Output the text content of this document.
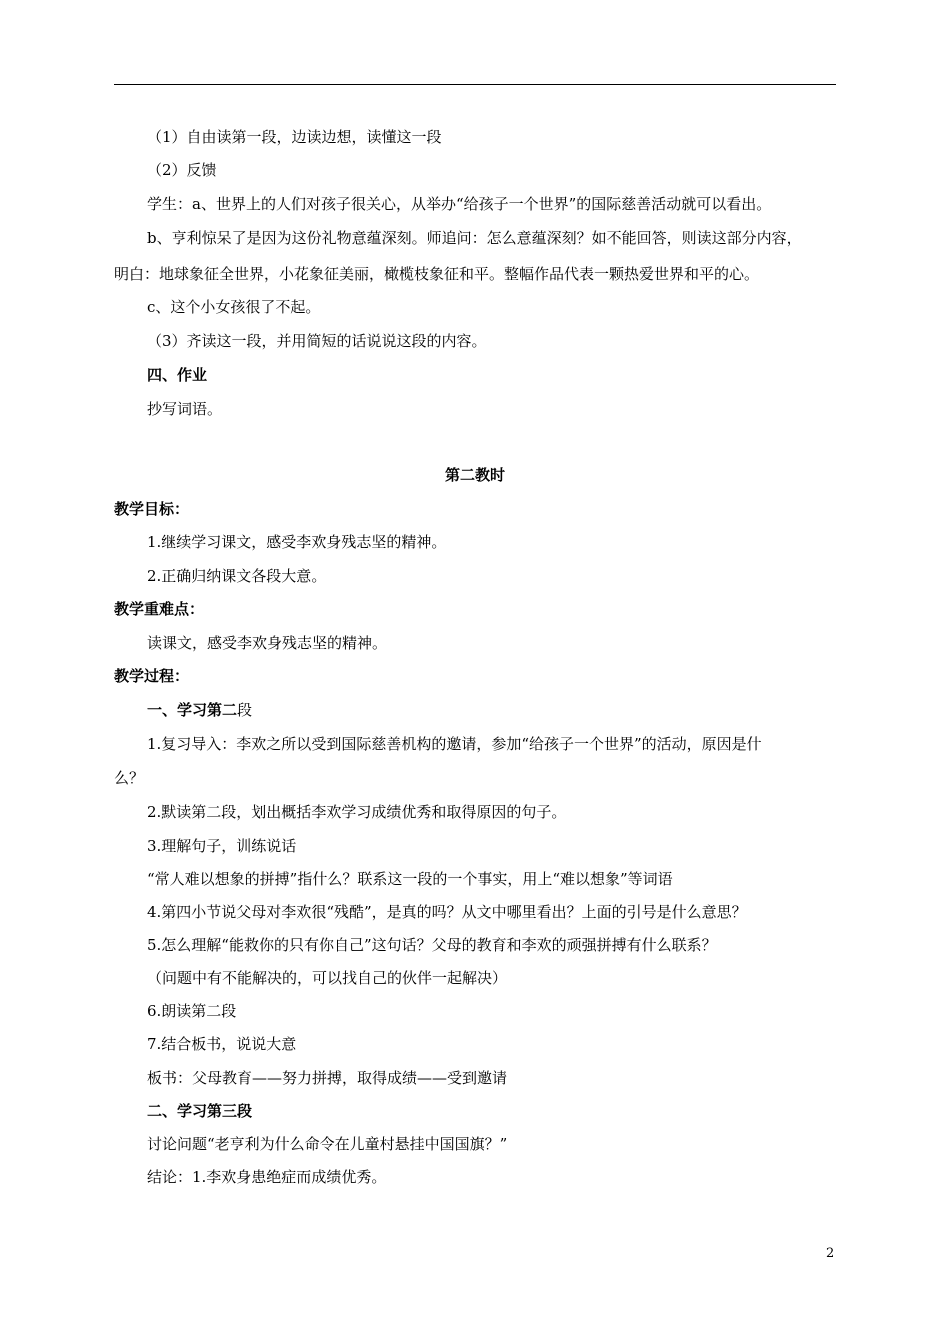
（1）自由读第一段，边读边想，读懂这一段
（2）反馈
学生：a、世界上的人们对孩子很关心，从举办“给孩子一个世界”的国际慈善活动就可以看出。
b、亨利惊呆了是因为这份礼物意蕴深刻。师追问：怎么意蕴深刻？如不能回答，则读这部分内容，
明白：地球象征全世界，小花象征美丽，橄榄枝象征和平。整幅作品代表一颗热爱世界和平的心。
c、这个小女孩很了不起。
（3）齐读这一段，并用简短的话说说这段的内容。
四、作业
抄写词语。
第二教时
教学目标：
1.继续学习课文，感受李欢身残志坚的精神。
2.正确归纳课文各段大意。
教学重难点：
读课文，感受李欢身残志坚的精神。
教学过程：
一、学习第二段
1.复习导入：李欢之所以受到国际慈善机构的邀请，参加“给孩子一个世界”的活动，原因是什
么？
2.默读第二段，划出概括李欢学习成绩优秀和取得原因的句子。
3.理解句子，训练说话
“常人难以想象的拼搏”指什么？联系这一段的一个事实，用上“难以想象”等词语
4.第四小节说父母对李欢很“残酷”，是真的吗？从文中哪里看出？上面的引号是什么意思？
5.怎么理解“能救你的只有你自己”这句话？父母的教育和李欢的顽强拼搏有什么联系？
（问题中有不能解决的，可以找自己的伙伴一起解决）
6.朗读第二段
7.结合板书，说说大意
板书：父母教育——努力拼搏，取得成绩——受到邀请
二、学习第三段
讨论问题“老亨利为什么命令在儿童村悬挂中国国旗？”
结论：1.李欢身患绝症而成绩优秀。
2
